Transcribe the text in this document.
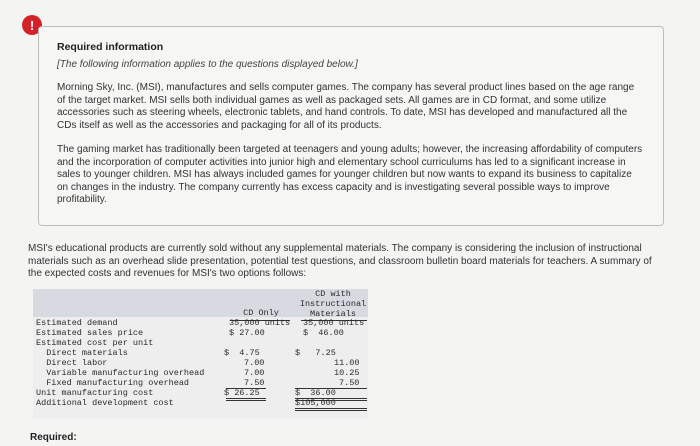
!

Required information

[The following information applies to the questions displayed below.]

Morning Sky, Inc. (MSI), manufactures and sells computer games. The company has several product lines based on the age range of the target market. MSI sells both individual games as well as packaged sets. All games are in CD format, and some utilize accessories such as steering wheels, electronic tablets, and hand controls. To date, MSI has developed and manufactured all the CDs itself as well as the accessories and packaging for all of its products.

The gaming market has traditionally been targeted at teenagers and young adults; however, the increasing affordability of computers and the incorporation of computer activities into junior high and elementary school curriculums has led to a significant increase in sales to younger children. MSI has always included games for younger children but now wants to expand its business to capitalize on changes in the industry. The company currently has excess capacity and is investigating several possible ways to improve profitability.

MSI's educational products are currently sold without any supplemental materials. The company is considering the inclusion of instructional materials such as an overhead slide presentation, potential test questions, and classroom bulletin board materials for teachers. A summary of the expected costs and revenues for MSI's two options follows:

CD Only
CD with
Instructional
Materials
Estimated demand
Estimated sales price
Estimated cost per unit
Direct materials
Direct labor
Variable manufacturing overhead
Fixed manufacturing overhead
Unit manufacturing cost
Additional development cost
35,000 units
$ 27.00
$  4.75
7.00
7.00
7.50
$ 26.25
35,000 units
$  46.00
$   7.25
11.00
10.25
7.50
$  36.00
$105,000
Required:
